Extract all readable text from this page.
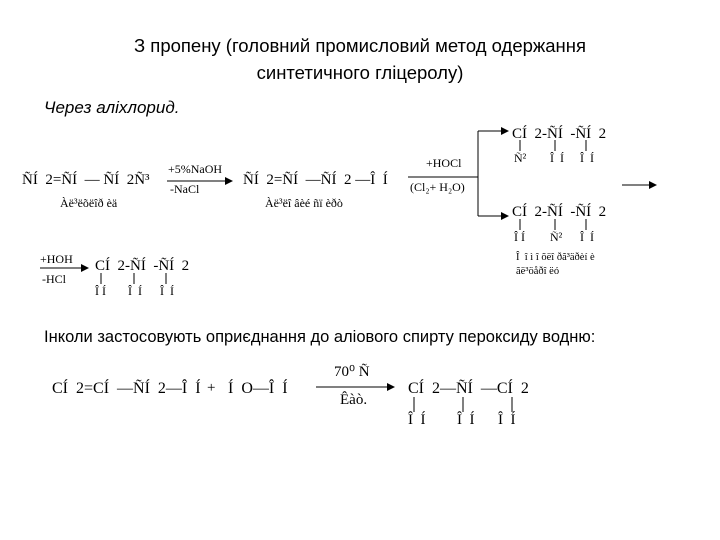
З пропену (головний промисловий метод одержання
синтетичного гліцеролу)
Через аліхлорид.
ÑÍ  2=ÑÍ  — ÑÍ  2Ñ³
Àë³ëõëîð èä
+5%NaOH
-NaCl
ÑÍ  2=ÑÍ  —ÑÍ  2 —Î  Í
Àë³ëî âèé ñï èðò
+HOCl
(Cl₂+ H₂O)
CÍ  2-ÑÍ  -ÑÍ  2
Ñ² Î  Í Î  Í
CÍ  2-ÑÍ  -ÑÍ  2
Î Í Ñ² Î  Í
Î  î ì î õëî ðã³äðèí è
ãë³öåðî ëó
+HOH
-HCl
CÍ  2-ÑÍ  -ÑÍ  2
Î Í Î  Í Î  Í
Інколи застосовують оприєднання до аліового спирту пероксиду водню:
CÍ  2=CÍ  —ÑÍ  2—Î  Í + Í  O—Î  Í
70⁰ Ñ
Êàò.
CÍ  2—ÑÍ  —CÍ  2
Î  Í Î  Í Î  Í
